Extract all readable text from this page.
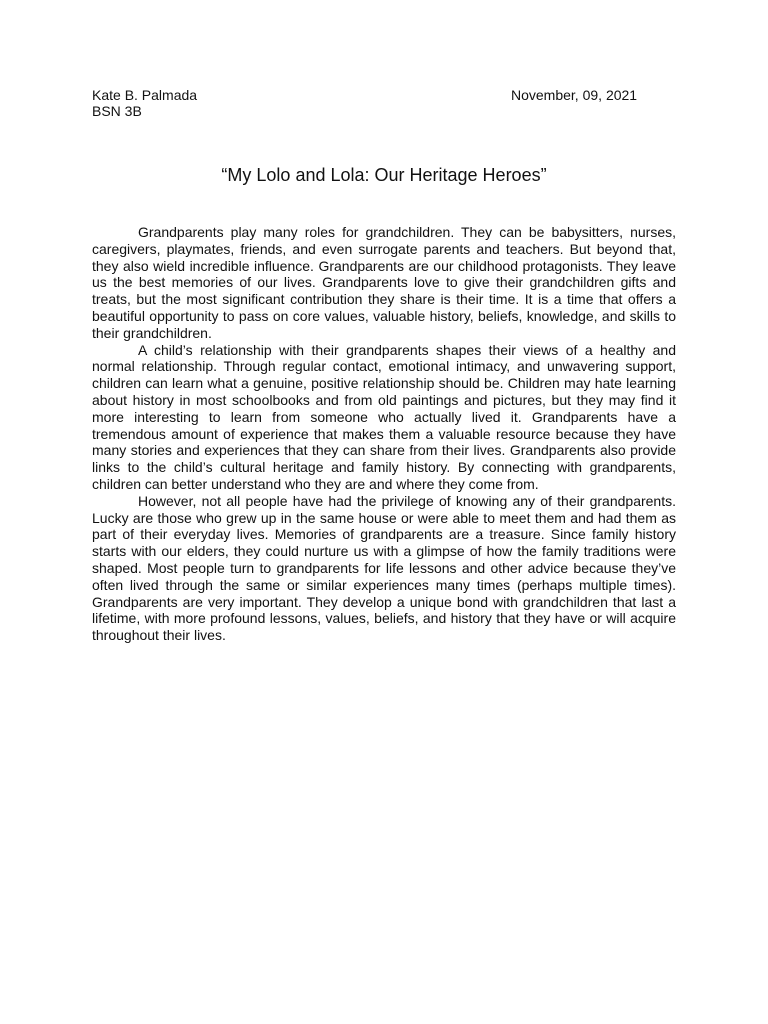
Kate B. Palmada
BSN 3B
November, 09, 2021
“My Lolo and Lola: Our Heritage Heroes”

Grandparents play many roles for grandchildren. They can be babysitters, nurses, caregivers, playmates, friends, and even surrogate parents and teachers. But beyond that, they also wield incredible influence. Grandparents are our childhood protagonists. They leave us the best memories of our lives. Grandparents love to give their grandchildren gifts and treats, but the most significant contribution they share is their time. It is a time that offers a beautiful opportunity to pass on core values, valuable history, beliefs, knowledge, and skills to their grandchildren.

A child’s relationship with their grandparents shapes their views of a healthy and normal relationship. Through regular contact, emotional intimacy, and unwavering support, children can learn what a genuine, positive relationship should be. Children may hate learning about history in most schoolbooks and from old paintings and pictures, but they may find it more interesting to learn from someone who actually lived it. Grandparents have a tremendous amount of experience that makes them a valuable resource because they have many stories and experiences that they can share from their lives. Grandparents also provide links to the child’s cultural heritage and family history. By connecting with grandparents, children can better understand who they are and where they come from.

However, not all people have had the privilege of knowing any of their grandparents. Lucky are those who grew up in the same house or were able to meet them and had them as part of their everyday lives. Memories of grandparents are a treasure. Since family history starts with our elders, they could nurture us with a glimpse of how the family traditions were shaped. Most people turn to grandparents for life lessons and other advice because they’ve often lived through the same or similar experiences many times (perhaps multiple times). Grandparents are very important. They develop a unique bond with grandchildren that last a lifetime, with more profound lessons, values, beliefs, and history that they have or will acquire throughout their lives.
